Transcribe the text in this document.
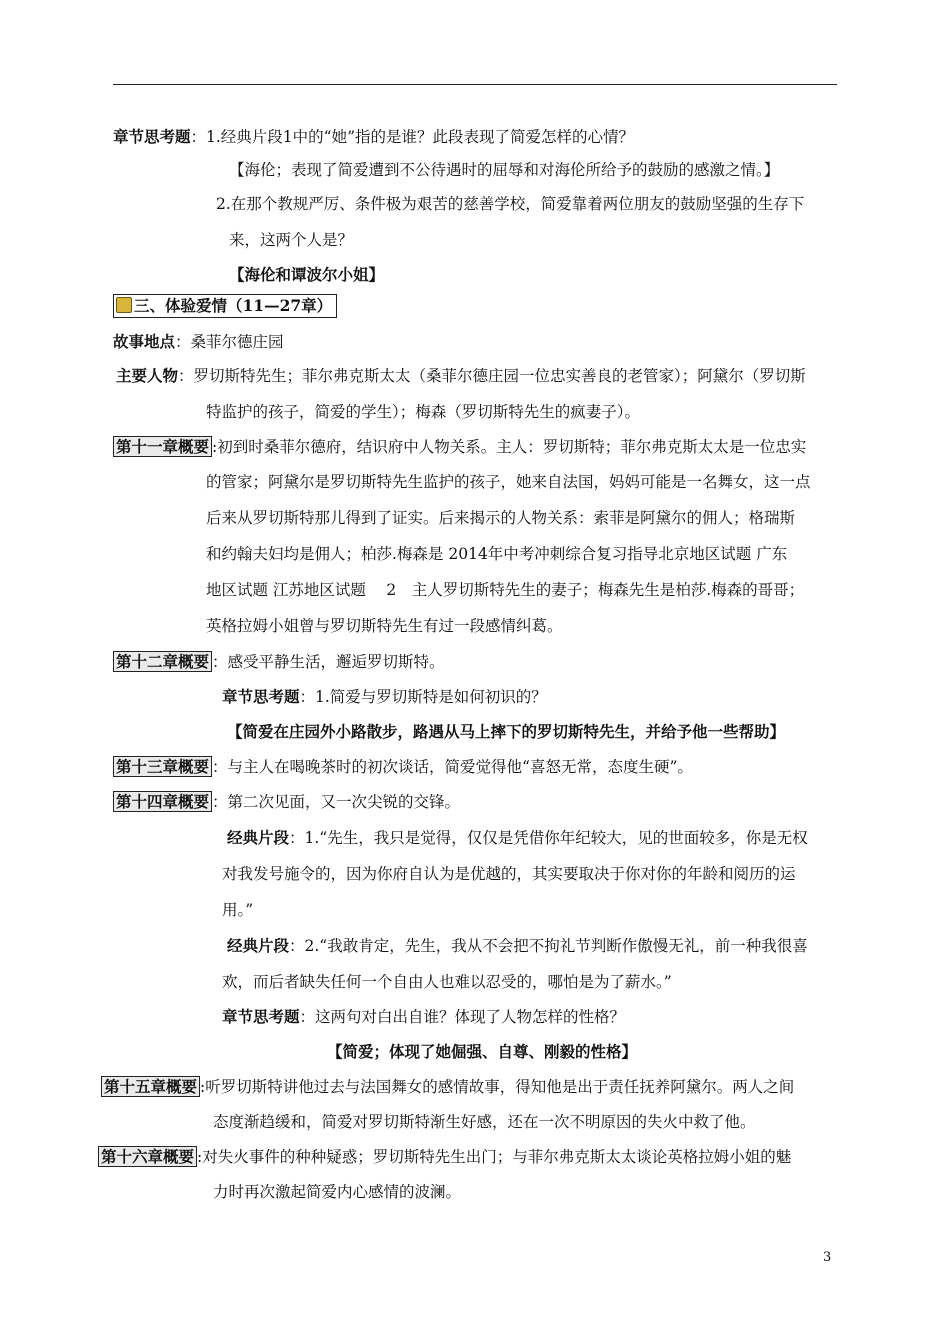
章节思考题：1.经典片段1中的“她”指的是谁？此段表现了简爱怎样的心情？
【海伦；表现了简爱遭到不公待遇时的屈辱和对海伦所给予的鼓励的感激之情。】
2.在那个教规严厉、条件极为艰苦的慈善学校，简爱靠着两位朋友的鼓励坚强的生存下
来，这两个人是？
【海伦和谭波尔小姐】
三、体验爱情（11—27章）
故事地点：桑菲尔德庄园
主要人物：罗切斯特先生；菲尔弗克斯太太（桑菲尔德庄园一位忠实善良的老管家）；阿黛尔（罗切斯
特监护的孩子，简爱的学生）；梅森（罗切斯特先生的疯妻子）。
第十一章概要 :初到时桑菲尔德府，结识府中人物关系。主人：罗切斯特；菲尔弗克斯太太是一位忠实
的管家；阿黛尔是罗切斯特先生监护的孩子，她来自法国，妈妈可能是一名舞女，这一点
后来从罗切斯特那儿得到了证实。后来揭示的人物关系：索菲是阿黛尔的佣人；格瑞斯
和约翰夫妇均是佣人；柏莎.梅森是 2014年中考冲刺综合复习指导北京地区试题 广东
地区试题 江苏地区试题　 2　主人罗切斯特先生的妻子；梅森先生是柏莎.梅森的哥哥；
英格拉姆小姐曾与罗切斯特先生有过一段感情纠葛。
第十二章概要 ：感受平静生活，邂逅罗切斯特。
章节思考题：1.简爱与罗切斯特是如何初识的？
【简爱在庄园外小路散步，路遇从马上摔下的罗切斯特先生，并给予他一些帮助】
第十三章概要 ：与主人在喝晚茶时的初次谈话，简爱觉得他“喜怒无常，态度生硬”。
第十四章概要 ：第二次见面，又一次尖锐的交锋。
经典片段：1.“先生，我只是觉得，仅仅是凭借你年纪较大，见的世面较多，你是无权
对我发号施令的，因为你府自认为是优越的，其实要取决于你对你的年龄和阅历的运
用。”
经典片段：2.“我敢肯定，先生，我从不会把不拘礼节判断作傲慢无礼，前一种我很喜
欢，而后者缺失任何一个自由人也难以忍受的，哪怕是为了薪水。”
章节思考题：这两句对白出自谁？体现了人物怎样的性格？
【简爱；体现了她倔强、自尊、刚毅的性格】
第十五章概要 :听罗切斯特讲他过去与法国舞女的感情故事，得知他是出于责任抚养阿黛尔。两人之间
态度渐趋缓和，简爱对罗切斯特渐生好感，还在一次不明原因的失火中救了他。
第十六章概要 :对失火事件的种种疑惑；罗切斯特先生出门；与菲尔弗克斯太太谈论英格拉姆小姐的魅
力时再次激起简爱内心感情的波澜。
3
